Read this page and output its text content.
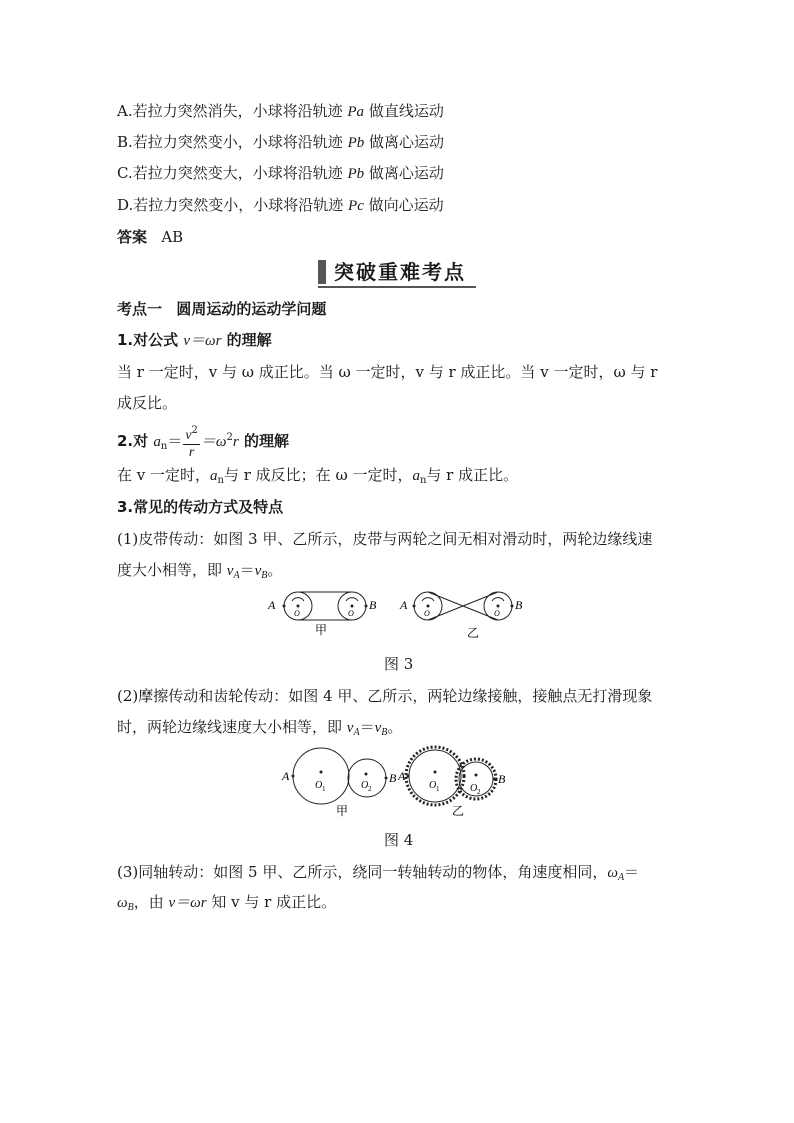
A.若拉力突然消失，小球将沿轨迹 Pa 做直线运动
B.若拉力突然变小，小球将沿轨迹 Pb 做离心运动
C.若拉力突然变大，小球将沿轨迹 Pb 做离心运动
D.若拉力突然变小，小球将沿轨迹 Pc 做向心运动
答案 AB
突破重难考点
考点一 圆周运动的运动学问题
1.对公式 v＝ωr 的理解
当 r 一定时，v 与 ω 成正比。当 ω 一定时，v 与 r 成正比。当 v 一定时，ω 与 r
成反比。
2.对 $a_n= \frac{v^2}{r} =\omega^2r$ 的理解
在 v 一定时，$a_n$与 r 成反比；在 ω 一定时，$a_n$与 r 成正比。
3.常见的传动方式及特点
(1)皮带传动：如图 3 甲、乙所示，皮带与两轮之间无相对滑动时，两轮边缘线速
度大小相等，即 $v_A=v_B$。
A	B
O	O
甲
A	B
O	O
乙
图 3
(2)摩擦传动和齿轮传动：如图 4 甲、乙所示，两轮边缘接触，接触点无打滑现象
时，两轮边缘线速度大小相等，即 $v_A=v_B$。
A	B
O 1	O 2
甲
A	B
O 1	O 2
乙
图 4
(3)同轴转动：如图 5 甲、乙所示，绕同一转轴转动的物体，角速度相同，$\omega_A=$
$\omega_B$，由 v＝ωr 知 v 与 r 成正比。
